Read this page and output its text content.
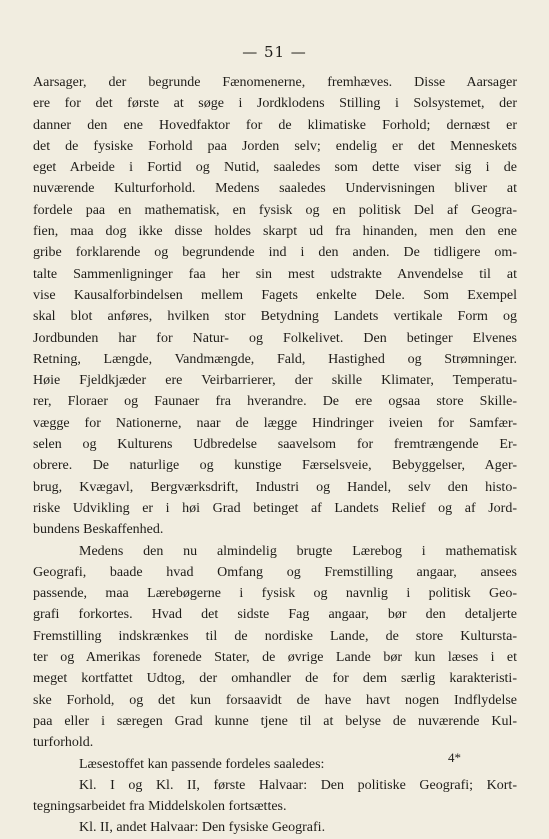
— 51 —
Aarsager, der begrunde Fænomenerne, fremhæves. Disse Aarsager
ere for det første at søge i Jordklodens Stilling i Solsystemet, der
danner den ene Hovedfaktor for de klimatiske Forhold; dernæst er
det de fysiske Forhold paa Jorden selv; endelig er det Menneskets
eget Arbeide i Fortid og Nutid, saaledes som dette viser sig i de
nuværende Kulturforhold. Medens saaledes Undervisningen bliver at
fordele paa en mathematisk, en fysisk og en politisk Del af Geogra-
fien, maa dog ikke disse holdes skarpt ud fra hinanden, men den ene
gribe forklarende og begrundende ind i den anden. De tidligere om-
talte Sammenligninger faa her sin mest udstrakte Anvendelse til at
vise Kausalforbindelsen mellem Fagets enkelte Dele. Som Exempel
skal blot anføres, hvilken stor Betydning Landets vertikale Form og
Jordbunden har for Natur- og Folkelivet. Den betinger Elvenes
Retning, Længde, Vandmængde, Fald, Hastighed og Strømninger.
Høie Fjeldkjæder ere Veirbarrierer, der skille Klimater, Temperatu-
rer, Floraer og Faunaer fra hverandre. De ere ogsaa store Skille-
vægge for Nationerne, naar de lægge Hindringer iveien for Samfær-
selen og Kulturens Udbredelse saavelsom for fremtrængende Er-
obrere. De naturlige og kunstige Færselsveie, Bebyggelser, Ager-
brug, Kvægavl, Bergværksdrift, Industri og Handel, selv den histo-
riske Udvikling er i høi Grad betinget af Landets Relief og af Jord-
bundens Beskaffenhed.
Medens den nu almindelig brugte Lærebog i mathematisk
Geografi, baade hvad Omfang og Fremstilling angaar, ansees
passende, maa Lærebøgerne i fysisk og navnlig i politisk Geo-
grafi forkortes. Hvad det sidste Fag angaar, bør den detaljerte
Fremstilling indskrænkes til de nordiske Lande, de store Kultursta-
ter og Amerikas forenede Stater, de øvrige Lande bør kun læses i et
meget kortfattet Udtog, der omhandler de for dem særlig karakteristi-
ske Forhold, og det kun forsaavidt de have havt nogen Indflydelse
paa eller i særegen Grad kunne tjene til at belyse de nuværende Kul-
turforhold.
Læsestoffet kan passende fordeles saaledes:
Kl. I og Kl. II, første Halvaar: Den politiske Geografi; Kort-
tegningsarbeidet fra Middelskolen fortsættes.
Kl. II, andet Halvaar: Den fysiske Geografi.
4*
